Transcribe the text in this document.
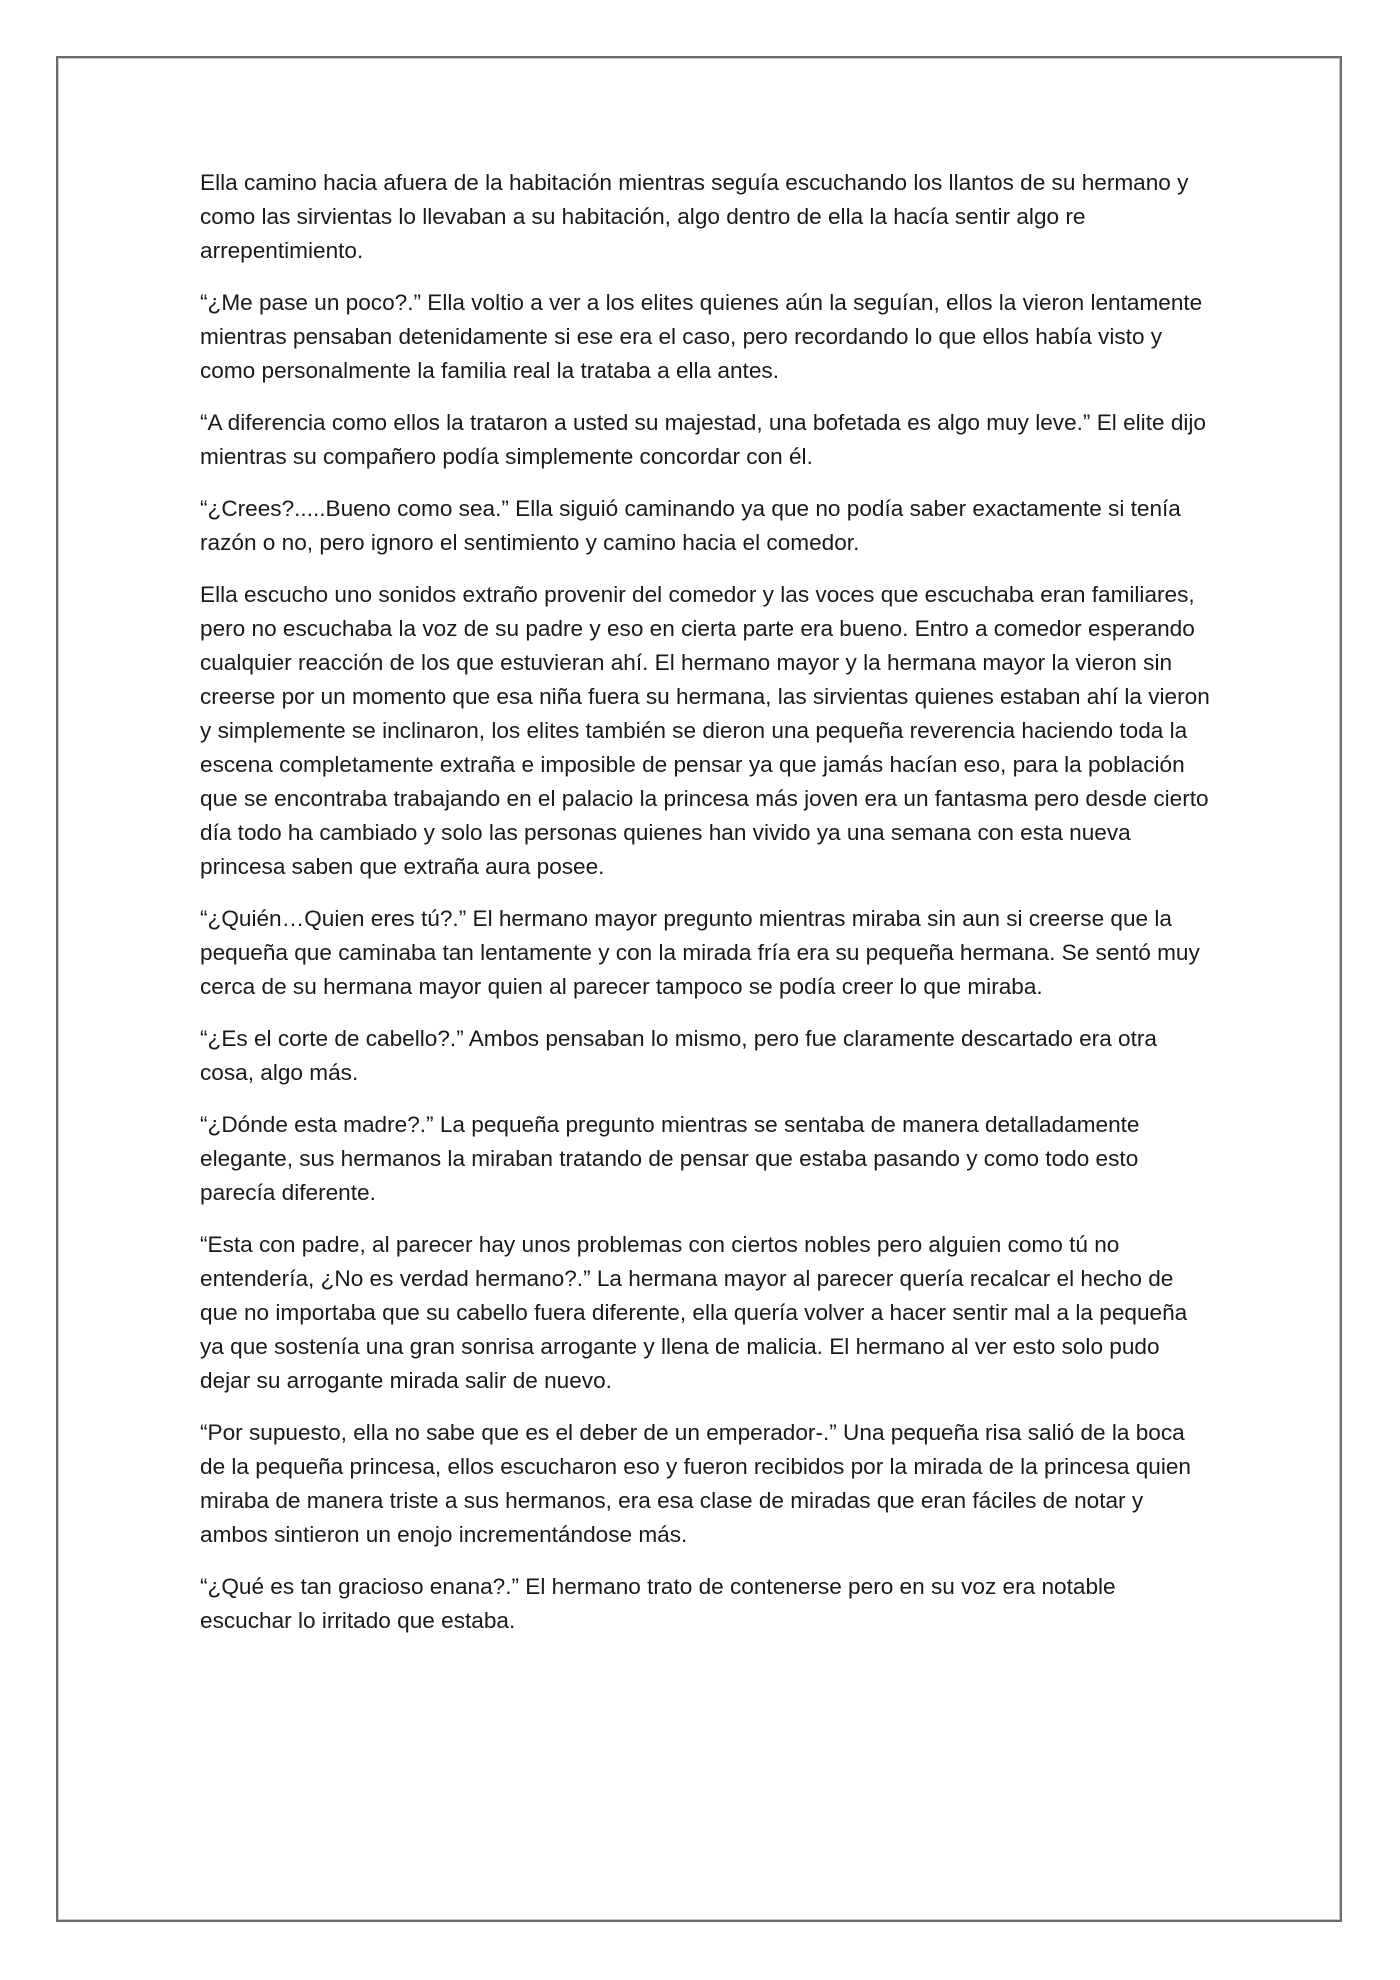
Ella camino hacia afuera de la habitación mientras seguía escuchando los llantos de su hermano y como las sirvientas lo llevaban a su habitación, algo dentro de ella la hacía sentir algo re arrepentimiento.

“¿Me pase un poco?.” Ella voltio a ver a los elites quienes aún la seguían, ellos la vieron lentamente mientras pensaban detenidamente si ese era el caso, pero recordando lo que ellos había visto y como personalmente la familia real la trataba a ella antes.

“A diferencia como ellos la trataron a usted su majestad, una bofetada es algo muy leve.” El elite dijo mientras su compañero podía simplemente concordar con él.

“¿Crees?.....Bueno como sea.” Ella siguió caminando ya que no podía saber exactamente si tenía razón o no, pero ignoro el sentimiento y camino hacia el comedor.

Ella escucho uno sonidos extraño provenir del comedor y las voces que escuchaba eran familiares, pero no escuchaba la voz de su padre y eso en cierta parte era bueno. Entro a comedor esperando cualquier reacción de los que estuvieran ahí. El hermano mayor y la hermana mayor la vieron sin creerse por un momento que esa niña fuera su hermana, las sirvientas quienes estaban ahí la vieron y simplemente se inclinaron, los elites también se dieron una pequeña reverencia haciendo toda la escena completamente extraña e imposible de pensar ya que jamás hacían eso, para la población que se encontraba trabajando en el palacio la princesa más joven era un fantasma pero desde cierto día todo ha cambiado y solo las personas quienes han vivido ya una semana con esta nueva princesa saben que extraña aura posee.

“¿Quién…Quien eres tú?.” El hermano mayor pregunto mientras miraba sin aun si creerse que la pequeña que caminaba tan lentamente y con la mirada fría era su pequeña hermana. Se sentó muy cerca de su hermana mayor quien al parecer tampoco se podía creer lo que miraba.

“¿Es el corte de cabello?.” Ambos pensaban lo mismo, pero fue claramente descartado era otra cosa, algo más.

“¿Dónde esta madre?.” La pequeña pregunto mientras se sentaba de manera detalladamente elegante, sus hermanos la miraban tratando de pensar que estaba pasando y como todo esto parecía diferente.

“Esta con padre, al parecer hay unos problemas con ciertos nobles pero alguien como tú no entendería, ¿No es verdad hermano?.” La hermana mayor al parecer quería recalcar el hecho de que no importaba que su cabello fuera diferente, ella quería volver a hacer sentir mal a la pequeña ya que sostenía una gran sonrisa arrogante y llena de malicia. El hermano al ver esto solo pudo dejar su arrogante mirada salir de nuevo.

“Por supuesto, ella no sabe que es el deber de un emperador-.” Una pequeña risa salió de la boca de la pequeña princesa, ellos escucharon eso y fueron recibidos por la mirada de la princesa quien miraba de manera triste a sus hermanos, era esa clase de miradas que eran fáciles de notar y ambos sintieron un enojo incrementándose más.

“¿Qué es tan gracioso enana?.” El hermano trato de contenerse pero en su voz era notable escuchar lo irritado que estaba.
